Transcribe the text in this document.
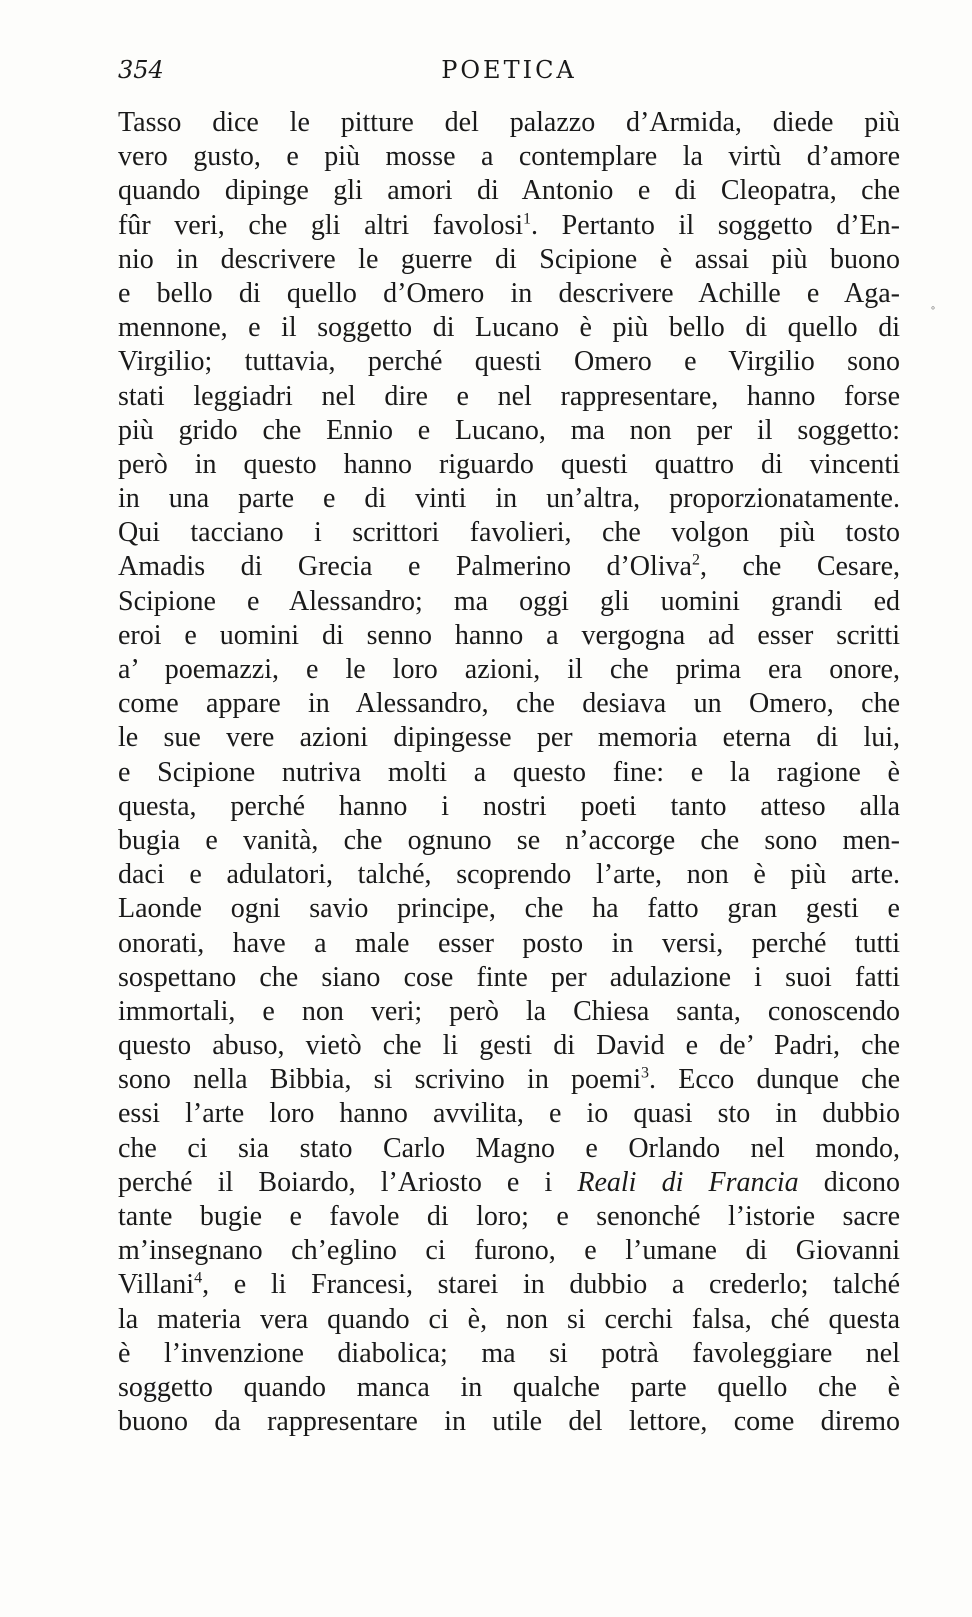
354	POETICA
Tasso dice le pitture del palazzo d’Armida, diede più
vero gusto, e più mosse a contemplare la virtù d’amore
quando dipinge gli amori di Antonio e di Cleopatra, che
fûr veri, che gli altri favolosi$^1$. Pertanto il soggetto d’En‐
nio in descrivere le guerre di Scipione è assai più buono
e bello di quello d’Omero in descrivere Achille e Aga‐
mennone, e il soggetto di Lucano è più bello di quello di
Virgilio; tuttavia, perché questi Omero e Virgilio sono
stati leggiadri nel dire e nel rappresentare, hanno forse
più grido che Ennio e Lucano, ma non per il soggetto:
però in questo hanno riguardo questi quattro di vincenti
in una parte e di vinti in un’altra, proporzionatamente.
Qui tacciano i scrittori favolieri, che volgon più tosto
Amadis di Grecia e Palmerino d’Oliva$^2$, che Cesare,
Scipione e Alessandro; ma oggi gli uomini grandi ed
eroi e uomini di senno hanno a vergogna ad esser scritti
a’ poemazzi, e le loro azioni, il che prima era onore,
come appare in Alessandro, che desiava un Omero, che
le sue vere azioni dipingesse per memoria eterna di lui,
e Scipione nutriva molti a questo fine: e la ragione è
questa, perché hanno i nostri poeti tanto atteso alla
bugia e vanità, che ognuno se n’accorge che sono men‐
daci e adulatori, talché, scoprendo l’arte, non è più arte.
Laonde ogni savio principe, che ha fatto gran gesti e
onorati, have a male esser posto in versi, perché tutti
sospettano che siano cose finte per adulazione i suoi fatti
immortali, e non veri; però la Chiesa santa, conoscendo
questo abuso, vietò che li gesti di David e de’ Padri, che
sono nella Bibbia, si scrivino in poemi$^3$. Ecco dunque che
essi l’arte loro hanno avvilita, e io quasi sto in dubbio
che ci sia stato Carlo Magno e Orlando nel mondo,
perché il Boiardo, l’Ariosto e i Reali di Francia dicono
tante bugie e favole di loro; e senonché l’istorie sacre
m’insegnano ch’eglino ci furono, e l’umane di Giovanni
Villani$^4$, e li Francesi, starei in dubbio a crederlo; talché
la materia vera quando ci è, non si cerchi falsa, ché questa
è l’invenzione diabolica; ma si potrà favoleggiare nel
soggetto quando manca in qualche parte quello che è
buono da rappresentare in utile del lettore, come diremo
˚
